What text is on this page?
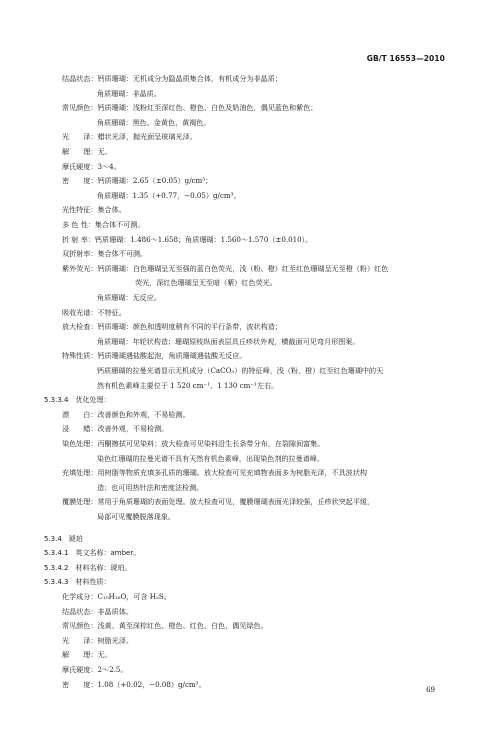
GB/T 16553—2010
结晶状态：钙质珊瑚：无机成分为隐晶质集合体，有机成分为非晶质；
角质珊瑚：非晶质。
常见颜色：钙质珊瑚：浅粉红至深红色、橙色、白色及奶油色，偶见蓝色和紫色；
角质珊瑚：黑色、金黄色、黄褐色。
光　　泽：蜡状光泽，抛光面呈玻璃光泽。
解　　理：无。
摩氏硬度：3～4。
密　　度：钙质珊瑚：2.65（±0.05）g/cm³；
角质珊瑚：1.35（+0.77，−0.05）g/cm³。
光性特征：集合体。
多 色 性：集合体不可测。
折 射 率：钙质珊瑚：1.486～1.658；角质珊瑚：1.560～1.570（±0.010）。
双折射率：集合体不可测。
紫外荧光：钙质珊瑚：白色珊瑚呈无至强的蓝白色荧光，浅（粉、橙）红至红色珊瑚呈无至橙（粉）红色
荧光，深红色珊瑚呈无至暗（紫）红色荧光。
角质珊瑚：无反应。
吸收光谱：不特征。
放大检查：钙质珊瑚：颜色和透明度稍有不同的平行条带，波状构造；
角质珊瑚：年轮状构造；珊瑚原枝纵面表层具丘疹状外观，横截面可见弯月形图案。
特殊性质：钙质珊瑚遇盐酸起泡，角质珊瑚遇盐酸无反应。
钙质珊瑚的拉曼光谱显示无机成分（CaCO₃）的特征峰，浅（粉、橙）红至红色珊瑚中的天
然有机色素峰主要位于 1 520 cm⁻¹、1 130 cm⁻¹左右。
5.3.3.4　优化处理：
漂　　白：改善颜色和外观，不易检测。
浸　　蜡：改善外观，不易检测。
染色处理：丙酮擦拭可见染料；放大检查可见染料沿生长条带分布，在裂隙间富集。
染色红珊瑚的拉曼光谱不具有天然有机色素峰，出现染色剂的拉曼谱峰。
充填处理：用树脂等物质充填多孔质的珊瑚。放大检查可见充填物表面多为树脂光泽，不具波状构
造；也可用热针法和密度法检测。
覆膜处理：常用于角质珊瑚的表面处理。放大检查可见，覆膜珊瑚表面光泽较强，丘疹状突起平缓，
局部可见覆膜脱落现象。
5.3.4　琥珀
5.3.4.1　英文名称：amber。
5.3.4.2　材料名称：琥珀。
5.3.4.3　材料性质：
化学成分：C₁₀H₁₆O，可含 H₂S。
结晶状态：非晶质体。
常见颜色：浅黄、黄至深棕红色、橙色、红色、白色，偶见绿色。
光　　泽：树脂光泽。
解　　理：无。
摩氏硬度：2～2.5。
密　　度：1.08（+0.02，−0.08）g/cm³。
69
